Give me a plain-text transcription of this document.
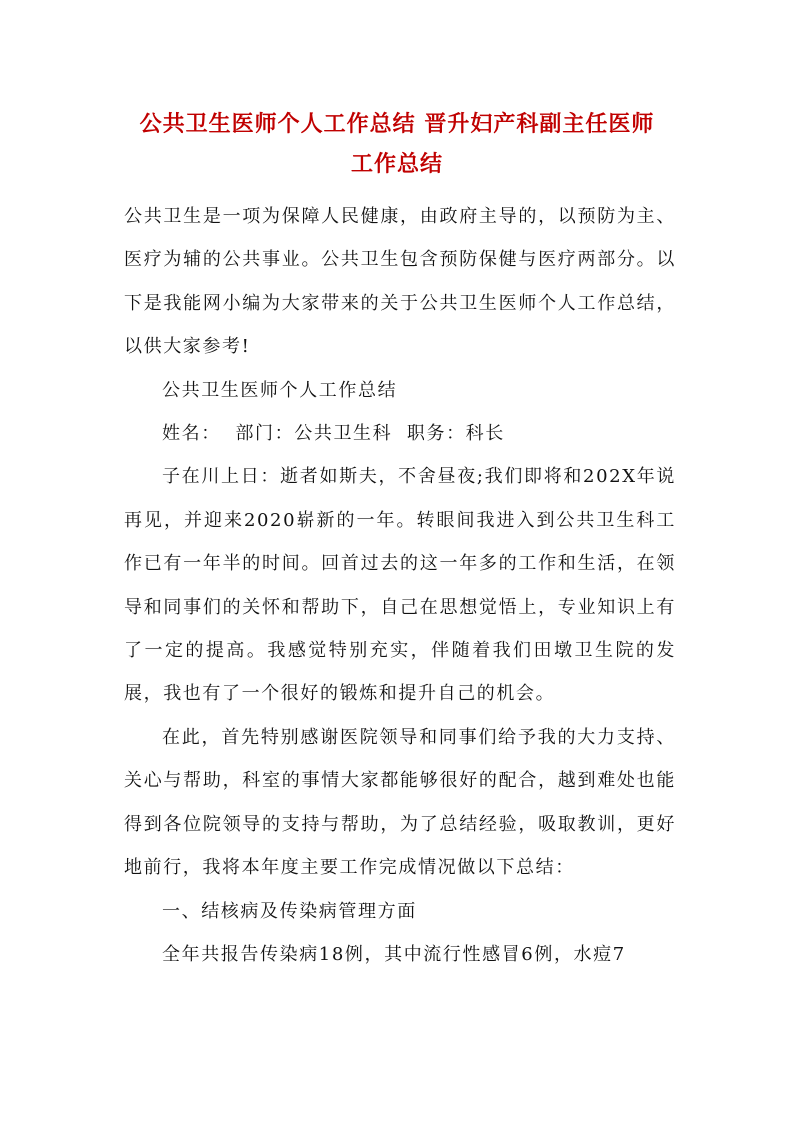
公共卫生医师个人工作总结 晋升妇产科副主任医师
工作总结

公共卫生是一项为保障人民健康，由政府主导的，以预防为主、医疗为辅的公共事业。公共卫生包含预防保健与医疗两部分。以下是我能网小编为大家带来的关于公共卫生医师个人工作总结，以供大家参考!

公共卫生医师个人工作总结

姓名：  部门：公共卫生科  职务：科长

子在川上日：逝者如斯夫，不舍昼夜;我们即将和202X年说再见，并迎来2020崭新的一年。转眼间我进入到公共卫生科工作已有一年半的时间。回首过去的这一年多的工作和生活，在领导和同事们的关怀和帮助下，自己在思想觉悟上，专业知识上有了一定的提高。我感觉特别充实，伴随着我们田墩卫生院的发展，我也有了一个很好的锻炼和提升自己的机会。

在此，首先特别感谢医院领导和同事们给予我的大力支持、关心与帮助，科室的事情大家都能够很好的配合，越到难处也能得到各位院领导的支持与帮助，为了总结经验，吸取教训，更好地前行，我将本年度主要工作完成情况做以下总结：

一、结核病及传染病管理方面

全年共报告传染病18例，其中流行性感冒6例，水痘7
